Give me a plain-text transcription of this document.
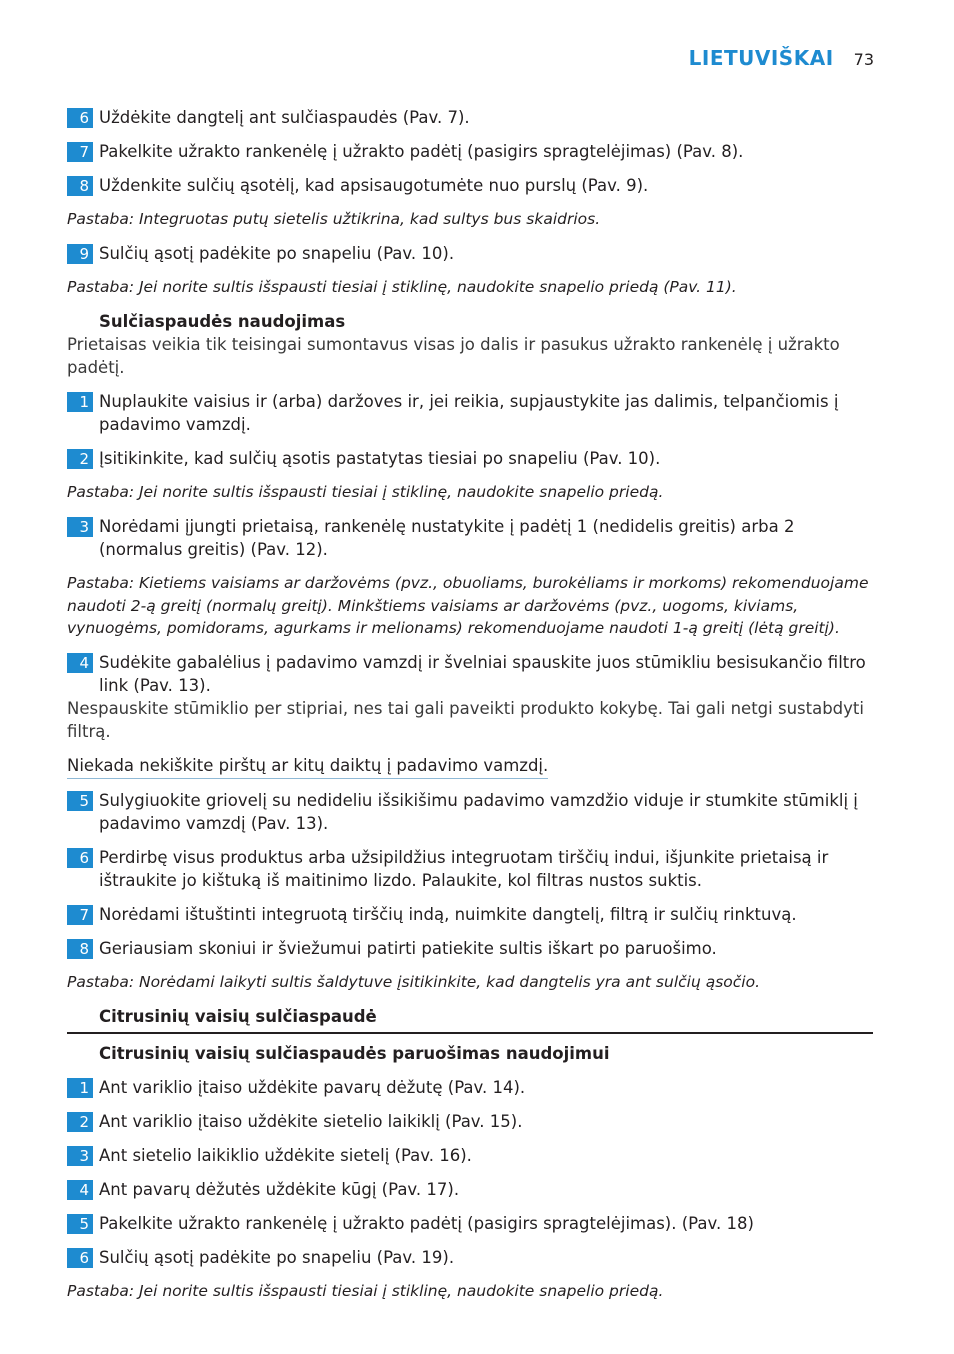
LIETUVIŠKAI 73
6 Uždėkite dangtelį ant sulčiaspaudės (Pav. 7).
7 Pakelkite užrakto rankenėlę į užrakto padėtį (pasigirs spragtelėjimas) (Pav. 8).
8 Uždenkite sulčių ąsotėlį, kad apsisaugotumėte nuo purslų (Pav. 9).
Pastaba: Integruotas putų sietelis užtikrina, kad sultys bus skaidrios.
9 Sulčių ąsotį padėkite po snapeliu (Pav. 10).
Pastaba: Jei norite sultis išspausti tiesiai į stiklinę, naudokite snapelio priedą (Pav. 11).
Sulčiaspaudės naudojimas
Prietaisas veikia tik teisingai sumontavus visas jo dalis ir pasukus užrakto rankenėlę į užrakto padėtį.
1 Nuplaukite vaisius ir (arba) daržoves ir, jei reikia, supjaustykite jas dalimis, telpančiomis į padavimo vamzdį.
2 Įsitikinkite, kad sulčių ąsotis pastatytas tiesiai po snapeliu (Pav. 10).
Pastaba: Jei norite sultis išspausti tiesiai į stiklinę, naudokite snapelio priedą.
3 Norėdami įjungti prietaisą, rankenėlę nustatykite į padėtį 1 (nedidelis greitis) arba 2 (normalus greitis) (Pav. 12).
Pastaba: Kietiems vaisiams ar daržovėms (pvz., obuoliams, burokėliams ir morkoms) rekomenduojame naudoti 2-ą greitį (normalų greitį). Minkštiems vaisiams ar daržovėms (pvz., uogoms, kiviams, vynuogėms, pomidorams, agurkams ir melionams) rekomenduojame naudoti 1-ą greitį (lėtą greitį).
4 Sudėkite gabalėlius į padavimo vamzdį ir švelniai spauskite juos stūmikliu besisukančio filtro link (Pav. 13).
Nespauskite stūmiklio per stipriai, nes tai gali paveikti produkto kokybę. Tai gali netgi sustabdyti filtrą.
Niekada nekiškite pirštų ar kitų daiktų į padavimo vamzdį.
5 Sulygiuokite griovelį su nedideliu išsikišimu padavimo vamzdžio viduje ir stumkite stūmiklį į padavimo vamzdį (Pav. 13).
6 Perdirbę visus produktus arba užsipildžius integruotam tirščių indui, išjunkite prietaisą ir ištraukite jo kištuką iš maitinimo lizdo. Palaukite, kol filtras nustos suktis.
7 Norėdami ištuštinti integruotą tirščių indą, nuimkite dangtelį, filtrą ir sulčių rinktuvą.
8 Geriausiam skoniui ir šviežumui patirti patiekite sultis iškart po paruošimo.
Pastaba: Norėdami laikyti sultis šaldytuve įsitikinkite, kad dangtelis yra ant sulčių ąsočio.
Citrusinių vaisių sulčiaspaudė
Citrusinių vaisių sulčiaspaudės paruošimas naudojimui
1 Ant variklio įtaiso uždėkite pavarų dėžutę (Pav. 14).
2 Ant variklio įtaiso uždėkite sietelio laikiklį (Pav. 15).
3 Ant sietelio laikiklio uždėkite sietelį (Pav. 16).
4 Ant pavarų dėžutės uždėkite kūgį (Pav. 17).
5 Pakelkite užrakto rankenėlę į užrakto padėtį (pasigirs spragtelėjimas). (Pav. 18)
6 Sulčių ąsotį padėkite po snapeliu (Pav. 19).
Pastaba: Jei norite sultis išspausti tiesiai į stiklinę, naudokite snapelio priedą.
